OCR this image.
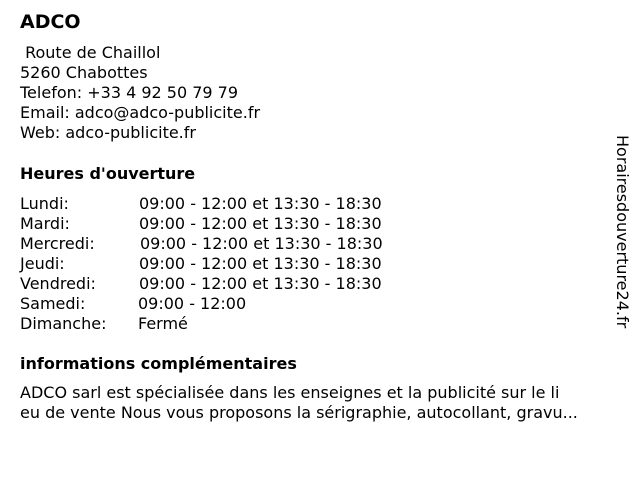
ADCO
Route de Chaillol
5260 Chabottes
Telefon: +33 4 92 50 79 79
Email: adco@adco-publicite.fr
Web: adco-publicite.fr
Heures d'ouverture
Lundi:	09:00 - 12:00 et 13:30 - 18:30
Mardi:	09:00 - 12:00 et 13:30 - 18:30
Mercredi:	09:00 - 12:00 et 13:30 - 18:30
Jeudi:	09:00 - 12:00 et 13:30 - 18:30
Vendredi:	09:00 - 12:00 et 13:30 - 18:30
Samedi:	09:00 - 12:00
Dimanche: Fermé
informations complémentaires
ADCO sarl est spécialisée dans les enseignes et la publicité sur le li
eu de vente Nous vous proposons la sérigraphie, autocollant, gravu...
Horairesdouverture24.fr
